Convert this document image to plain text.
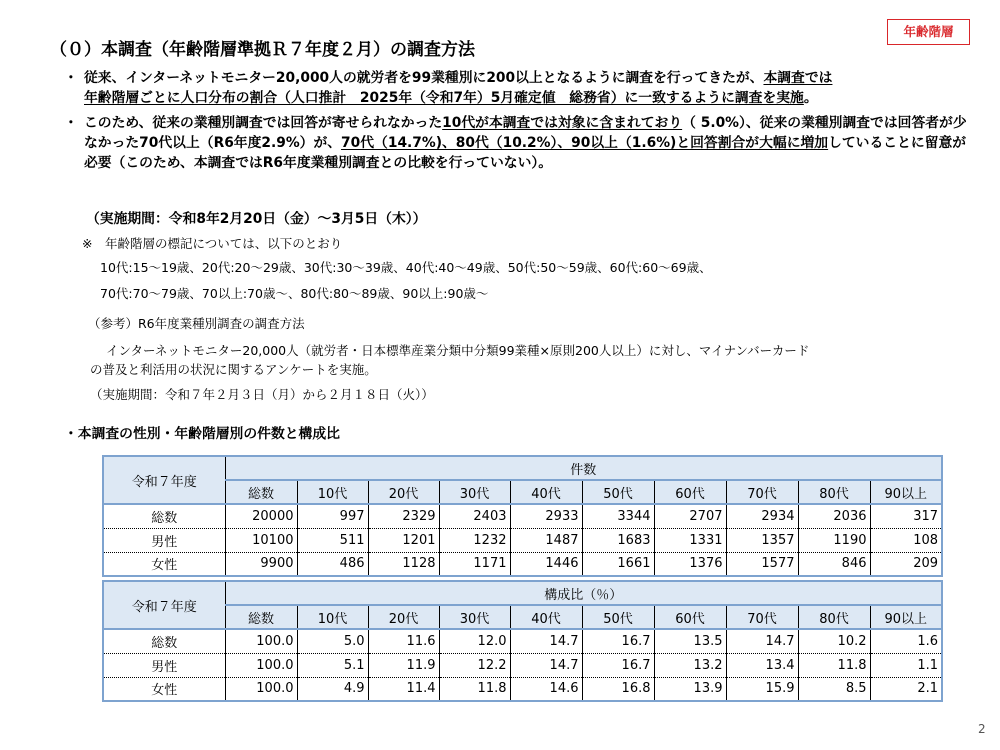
年齢階層
（０）本調査（年齢階層準拠Ｒ７年度２月）の調査方法
・ 従来、インターネットモニター20,000人の就労者を99業種別に200以上となるように調査を行ってきたが、本調査では
年齢階層ごとに人口分布の割合（人口推計　2025年（令和7年）5月確定値　総務省）に一致するように調査を実施。
・ このため、従来の業種別調査では回答が寄せられなかった10代が本調査では対象に含まれており（ 5.0%）、従来の業種別調査では回答者が少なかった70代以上（R6年度2.9%）が、70代（14.7%)、80代（10.2%）、90以上（1.6%)と回答割合が大幅に増加していることに留意が必要（このため、本調査ではR6年度業種別調査との比較を行っていない）。
（実施期間：令和8年2月20日（金）～3月5日（木））
※　年齢階層の標記については、以下のとおり
10代:15～19歳、20代:20～29歳、30代:30～39歳、40代:40～49歳、50代:50～59歳、60代:60～69歳、
70代:70～79歳、70以上:70歳～、80代:80～89歳、90以上:90歳～
（参考）R6年度業種別調査の調査方法
インターネットモニター20,000人（就労者・日本標準産業分類中分類99業種×原則200人以上）に対し、マイナンバーカード
の普及と利活用の状況に関するアンケートを実施。
（実施期間：令和７年２月３日（月）から２月１８日（火））
・本調査の性別・年齢階層別の件数と構成比
令和７年度	件数									
	総数	10代	20代	30代	40代	50代	60代	70代	80代	90以上
総数	20000	997	2329	2403	2933	3344	2707	2934	2036	317
男性	10100	511	1201	1232	1487	1683	1331	1357	1190	108
女性	9900	486	1128	1171	1446	1661	1376	1577	846	209
令和７年度	構成比（％）									
	総数	10代	20代	30代	40代	50代	60代	70代	80代	90以上
総数	100.0	5.0	11.6	12.0	14.7	16.7	13.5	14.7	10.2	1.6
男性	100.0	5.1	11.9	12.2	14.7	16.7	13.2	13.4	11.8	1.1
女性	100.0	4.9	11.4	11.8	14.6	16.8	13.9	15.9	8.5	2.1
2
